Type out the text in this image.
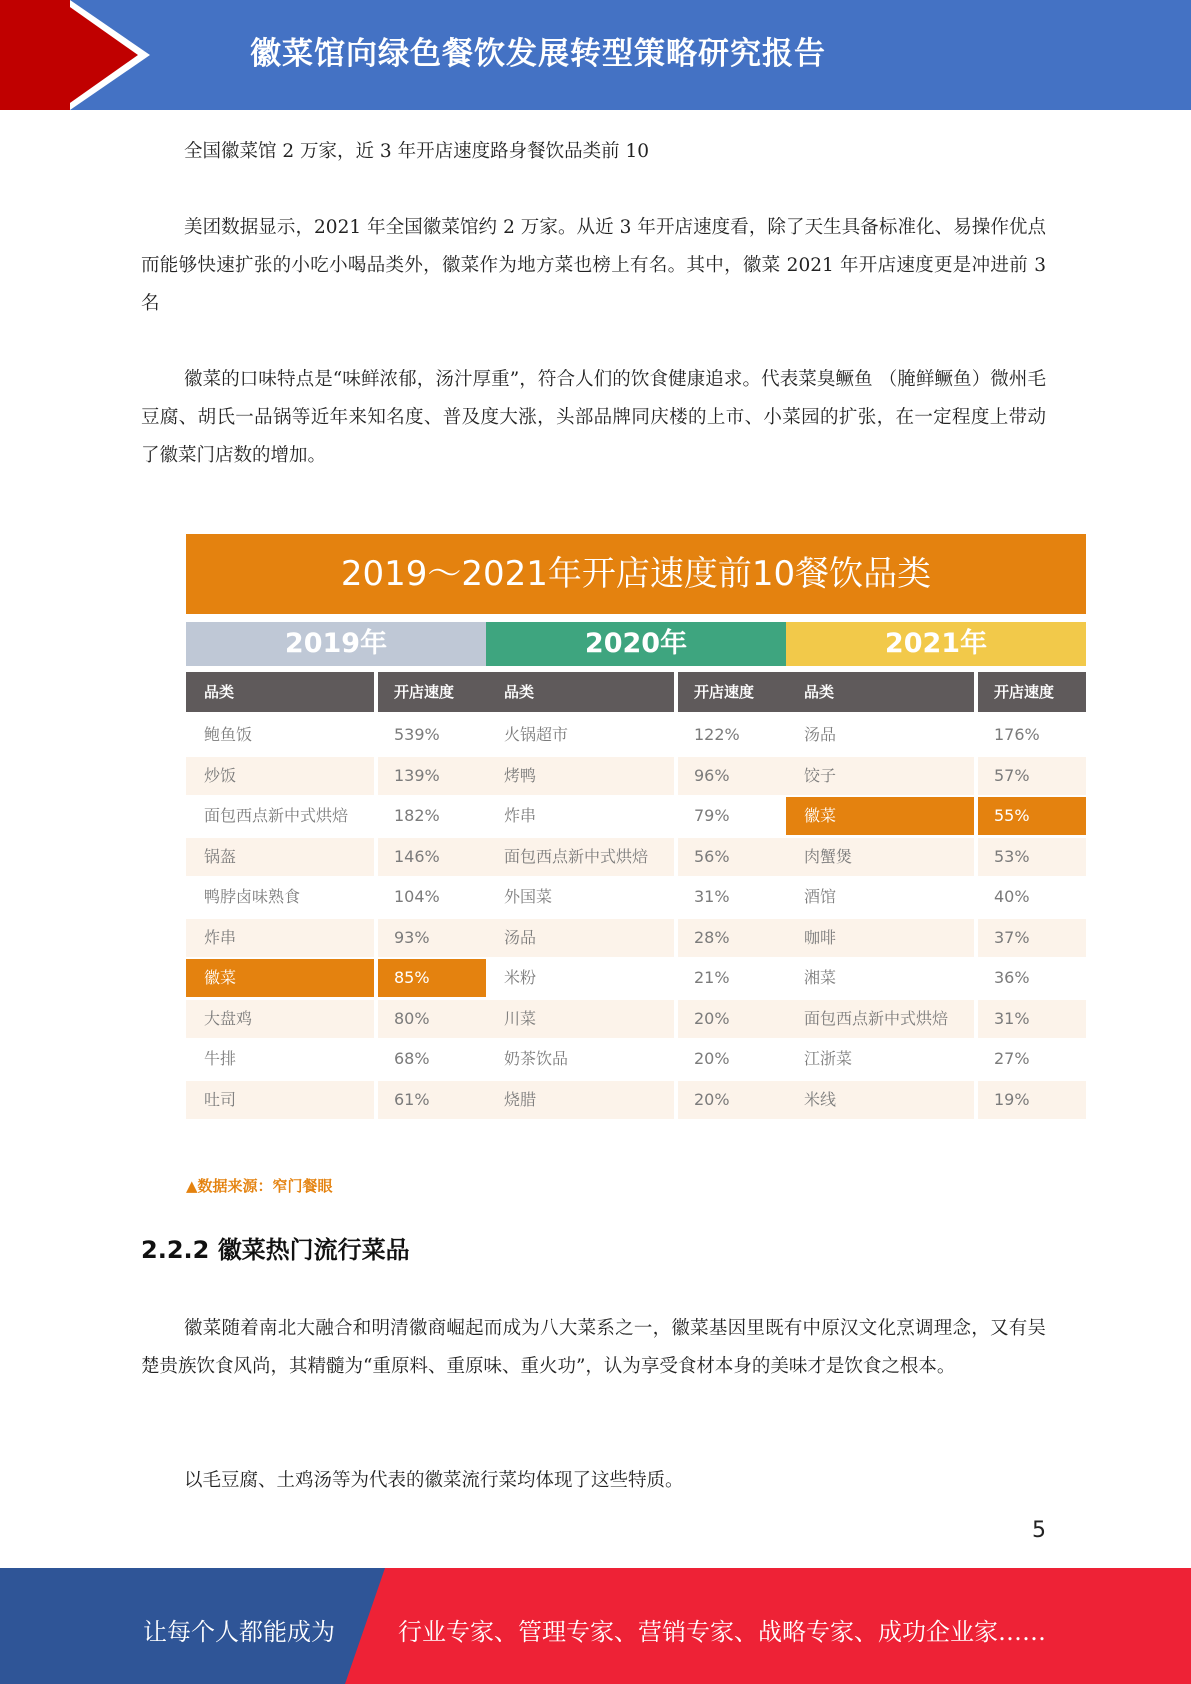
徽菜馆向绿色餐饮发展转型策略研究报告

全国徽菜馆 2 万家，近 3 年开店速度路身餐饮品类前 10

美团数据显示，2021 年全国徽菜馆约 2 万家。从近 3 年开店速度看，除了天生具备标准化、易操作优点而能够快速扩张的小吃小喝品类外，徽菜作为地方菜也榜上有名。其中，徽菜 2021 年开店速度更是冲进前 3 名

徽菜的口味特点是“味鲜浓郁，汤汁厚重”，符合人们的饮食健康追求。代表菜臭鳜鱼 （腌鲜鳜鱼）微州毛豆腐、胡氏一品锅等近年来知名度、普及度大涨，头部品牌同庆楼的上市、小菜园的扩张，在一定程度上带动了徽菜门店数的增加。

2019～2021年开店速度前10餐饮品类
2019年
品类	开店速度
鲍鱼饭	539%
炒饭	139%
面包西点新中式烘焙	182%
锅盔	146%
鸭脖卤味熟食	104%
炸串	93%
徽菜	85%
大盘鸡	80%
牛排	68%
吐司	61%
2020年
品类	开店速度
火锅超市	122%
烤鸭	96%
炸串	79%
面包西点新中式烘焙	56%
外国菜	31%
汤品	28%
米粉	21%
川菜	20%
奶茶饮品	20%
烧腊	20%
2021年
品类	开店速度
汤品	176%
饺子	57%
徽菜	55%
肉蟹煲	53%
酒馆	40%
咖啡	37%
湘菜	36%
面包西点新中式烘焙	31%
江浙菜	27%
米线	19%
▲数据来源：窄门餐眼
2.2.2 徽菜热门流行菜品

徽菜随着南北大融合和明清徽商崛起而成为八大菜系之一，徽菜基因里既有中原汉文化烹调理念，又有吴楚贵族饮食风尚，其精髓为“重原料、重原味、重火功”，认为享受食材本身的美味才是饮食之根本。

以毛豆腐、土鸡汤等为代表的徽菜流行菜均体现了这些特质。

5
让每个人都能成为	行业专家、管理专家、营销专家、战略专家、成功企业家……
